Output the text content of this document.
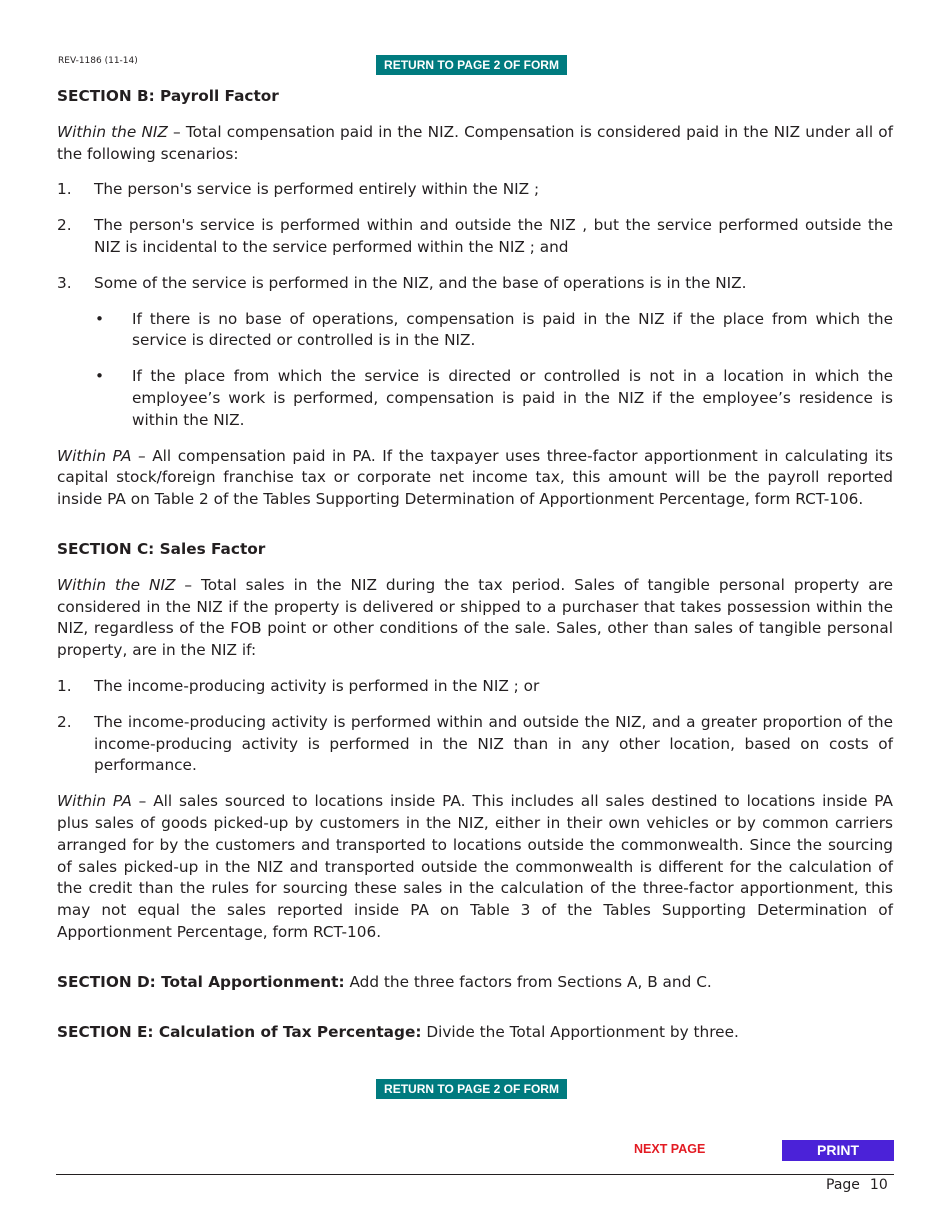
REV-1186 (11-14)	RETURN TO PAGE 2 OF FORM
SECTION B: Payroll Factor

Within the NIZ – Total compensation paid in the NIZ. Compensation is considered paid in the NIZ under all of the following scenarios:

1.	The person's service is performed entirely within the NIZ ;
2.	The person's service is performed within and outside the NIZ , but the service performed outside the NIZ is incidental to the service performed within the NIZ ; and
3.	Some of the service is performed in the NIZ, and the base of operations is in the NIZ.
•	If there is no base of operations, compensation is paid in the NIZ if the place from which the service is directed or controlled is in the NIZ.
•	If the place from which the service is directed or controlled is not in a location in which the employee’s work is performed, compensation is paid in the NIZ if the employee’s residence is within the NIZ.

Within PA – All compensation paid in PA. If the taxpayer uses three-factor apportionment in calculating its capital stock/foreign franchise tax or corporate net income tax, this amount will be the payroll reported inside PA on Table 2 of the Tables Supporting Determination of Apportionment Percentage, form RCT-106.

SECTION C: Sales Factor

Within the NIZ – Total sales in the NIZ during the tax period. Sales of tangible personal property are considered in the NIZ if the property is delivered or shipped to a purchaser that takes possession within the NIZ, regardless of the FOB point or other conditions of the sale. Sales, other than sales of tangible personal property, are in the NIZ if:

1.	The income-producing activity is performed in the NIZ ; or
2.	The income-producing activity is performed within and outside the NIZ, and a greater proportion of the income-producing activity is performed in the NIZ than in any other location, based on costs of performance.

Within PA – All sales sourced to locations inside PA. This includes all sales destined to locations inside PA plus sales of goods picked-up by customers in the NIZ, either in their own vehicles or by common carriers arranged for by the customers and transported to locations outside the commonwealth. Since the sourcing of sales picked-up in the NIZ and transported outside the commonwealth is different for the calculation of the credit than the rules for sourcing these sales in the calculation of the three-factor apportionment, this may not equal the sales reported inside PA on Table 3 of the Tables Supporting Determination of Apportionment Percentage, form RCT-106.

SECTION D: Total Apportionment: Add the three factors from Sections A, B and C.

SECTION E: Calculation of Tax Percentage: Divide the Total Apportionment by three.

RETURN TO PAGE 2 OF FORM
NEXT PAGE	PRINT
Page 10
